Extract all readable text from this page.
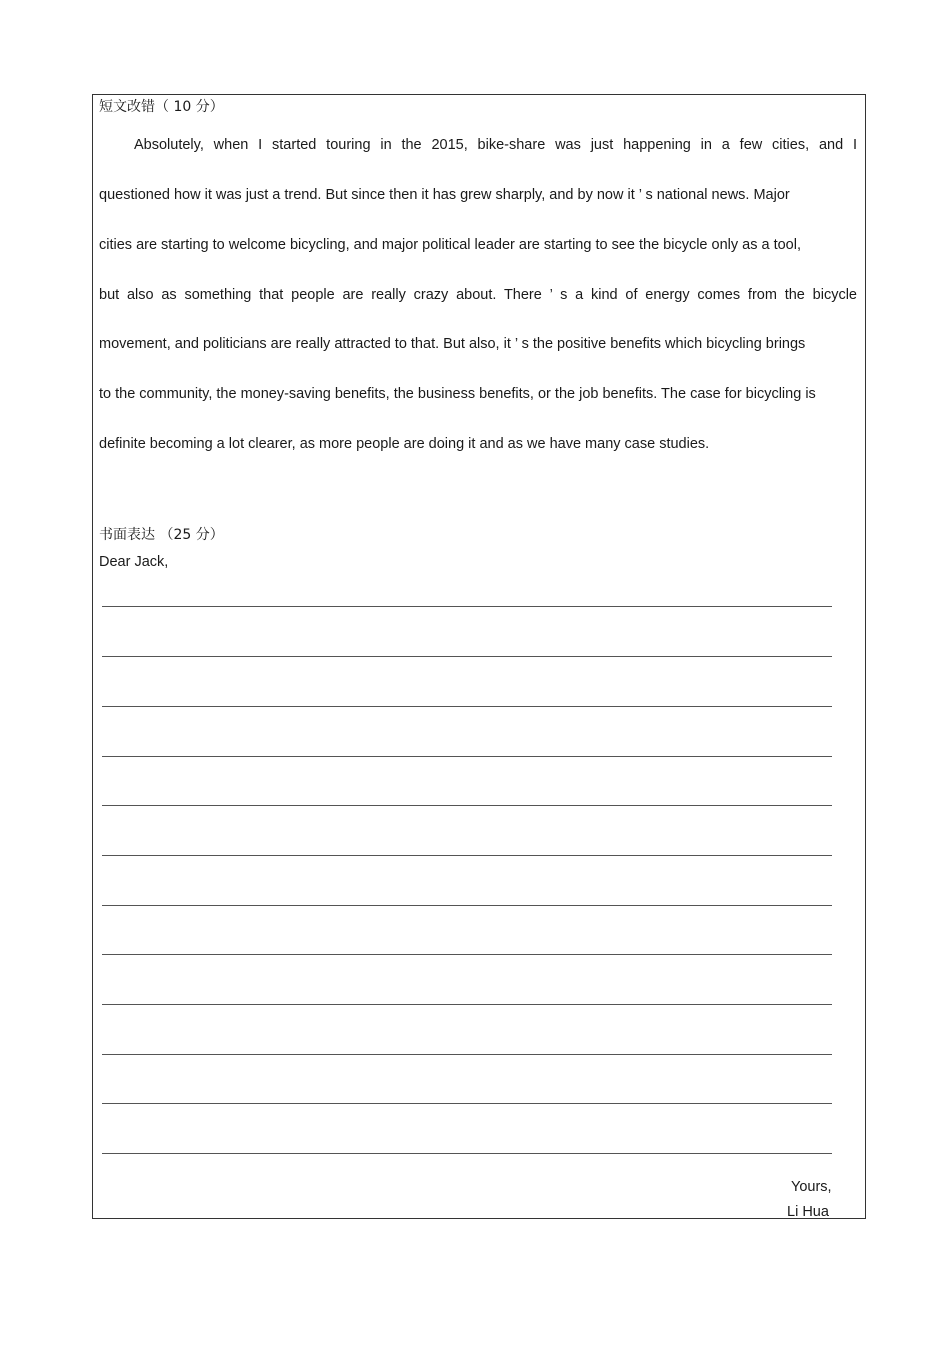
短文改错（ 10 分）
Absolutely, when I started touring in the 2015, bike-share was just happening in a few cities, and I
questioned how it was just a trend. But since then it has grew sharply, and by now it ’ s national news. Major
cities are starting to welcome bicycling, and major political leader are starting to see the bicycle only as a tool,
but also as something that people are really crazy about. There ’ s a kind of energy comes from the bicycle
movement, and politicians are really attracted to that. But also, it ’ s the positive benefits which bicycling brings
to the community, the money-saving benefits, the business benefits, or the job benefits. The case for bicycling is
definite becoming a lot clearer, as more people are doing it and as we have many case studies.
书面表达 （25 分）
Dear Jack,
Yours,
Li Hua
